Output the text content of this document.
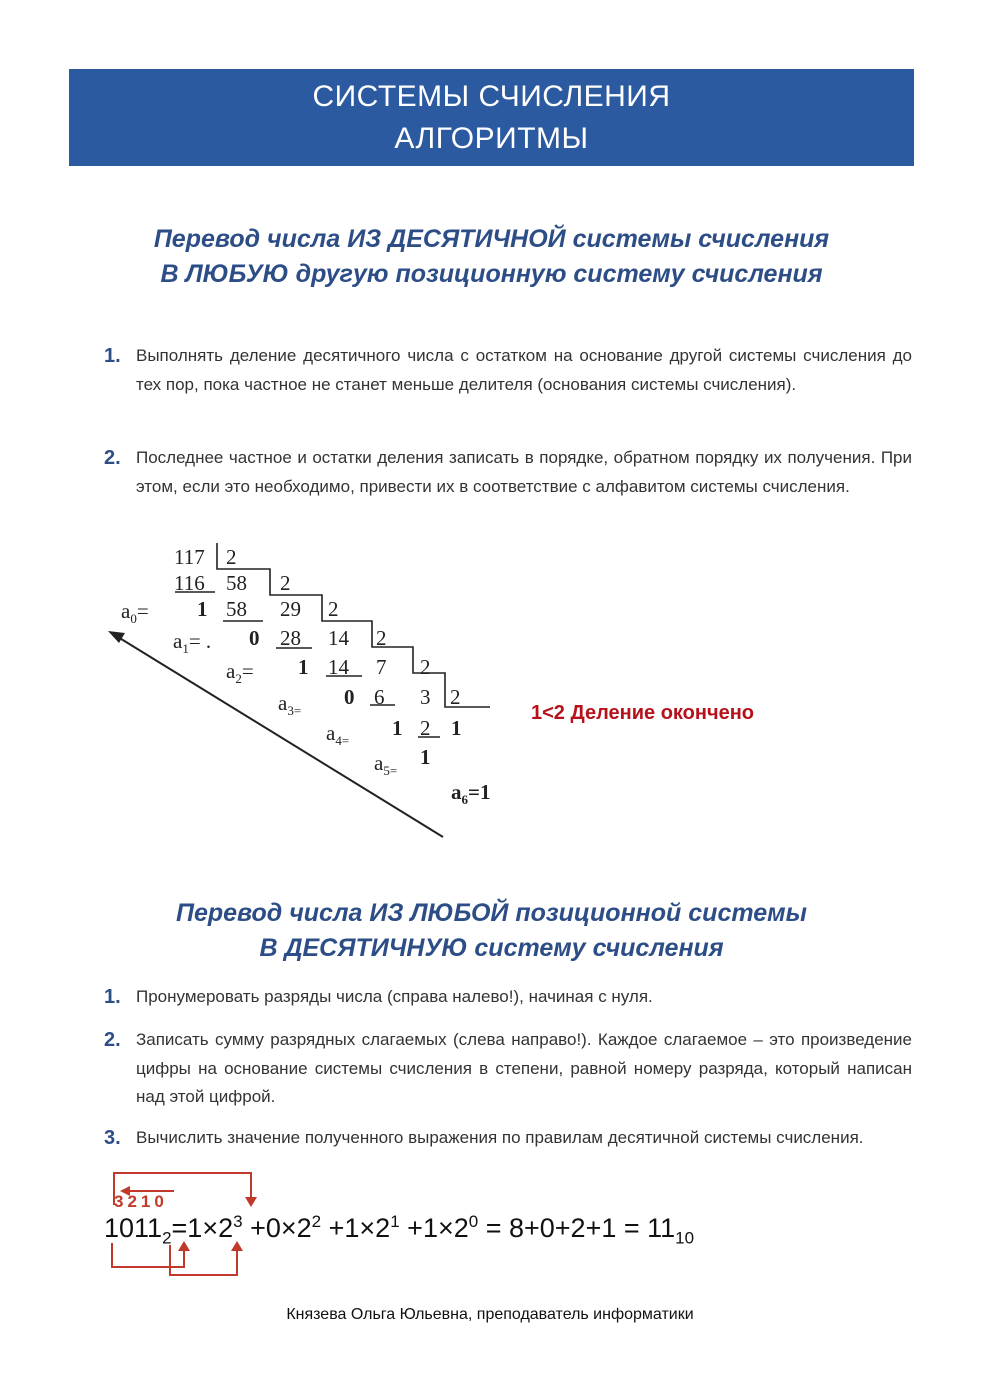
СИСТЕМЫ СЧИСЛЕНИЯ
АЛГОРИТМЫ
Перевод числа ИЗ ДЕСЯТИЧНОЙ системы счисления
В ЛЮБУЮ другую позиционную систему счисления
1. Выполнять деление десятичного числа с остатком на основание другой системы счисления до тех пор, пока частное не станет меньше делителя (основания системы счисления).
2. Последнее частное и остатки деления записать в порядке, обратном порядку их получения. При этом, если это необходимо, привести их в соответствие с алфавитом системы счисления.
117 2
116 58 2
1 58 29 2
0 28 14 2
1 14 7 2
0 6 3 2
1 2 1
1
$a_0=$
$a_1=$ .
$a_2=$
$a_{3=}$
$a_{4=}$
$a_{5=}$
$a_6=1$
1<2 Деление окончено
Перевод числа ИЗ ЛЮБОЙ позиционной системы
В ДЕСЯТИЧНУЮ систему счисления
1. Пронумеровать разряды числа (справа налево!), начиная с нуля.
2. Записать сумму разрядных слагаемых (слева направо!). Каждое слагаемое – это произведение цифры на основание системы счисления в степени, равной номеру разряда, который написан над этой цифрой.
3. Вычислить значение полученного выражения по правилам десятичной системы счисления.
3210
$1011_2=1\times 2^3 +0\times 2^2 +1\times 2^1 +1\times 2^0 = 8+0+2+1 = 11_{10}$
Князева Ольга Юльевна, преподаватель информатики
